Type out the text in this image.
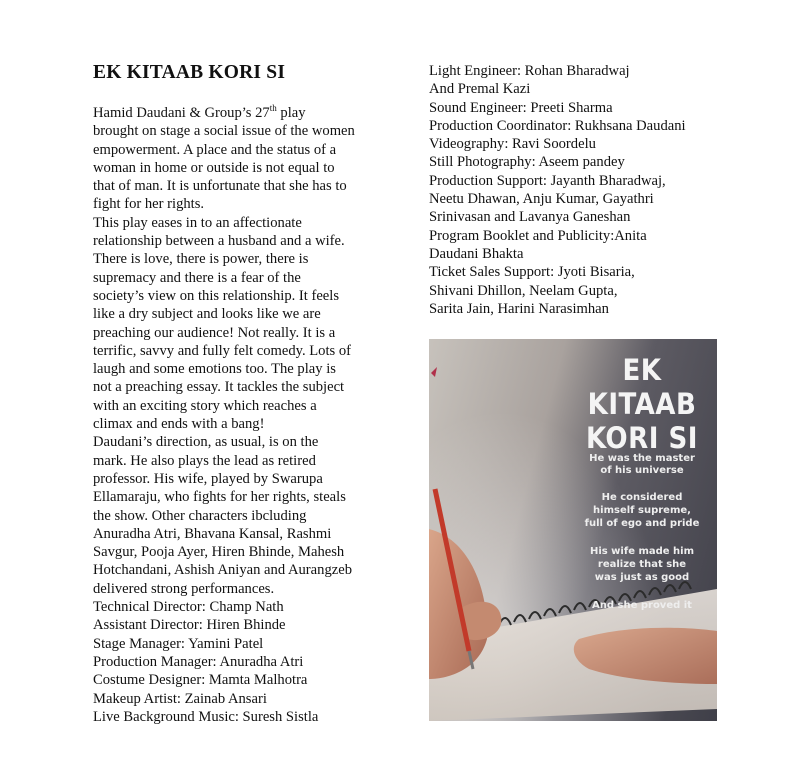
EK KITAAB KORI SI
Hamid Daudani & Group’s 27th play
brought on stage a social issue of the women
empowerment. A place and the status of a
woman in home or outside is not equal to
that of man. It is unfortunate that she has to
fight for her rights.
This play eases in to an affectionate
relationship between a husband and a wife.
There is love, there is power, there is
supremacy and there is a fear of the
society’s view on this relationship. It feels
like a dry subject and looks like we are
preaching our audience! Not really. It is a
terrific, savvy and fully felt comedy. Lots of
laugh and some emotions too. The play is
not a preaching essay. It tackles the subject
with an exciting story which reaches a
climax and ends with a bang!
Daudani’s direction, as usual, is on the
mark. He also plays the lead as retired
professor. His wife, played by Swarupa
Ellamaraju, who fights for her rights, steals
the show. Other characters ibcluding
Anuradha Atri, Bhavana Kansal, Rashmi
Savgur, Pooja Ayer, Hiren Bhinde, Mahesh
Hotchandani, Ashish Aniyan and Aurangzeb
delivered strong performances.
Technical Director: Champ Nath
Assistant Director: Hiren Bhinde
Stage Manager: Yamini Patel
Production Manager: Anuradha Atri
Costume Designer: Mamta Malhotra
Makeup Artist: Zainab Ansari
Live Background Music: Suresh Sistla
Light Engineer: Rohan Bharadwaj
And Premal Kazi
Sound Engineer: Preeti Sharma
Production Coordinator: Rukhsana Daudani
Videography: Ravi Soordelu
Still Photography: Aseem pandey
Production Support: Jayanth Bharadwaj,
Neetu Dhawan, Anju Kumar, Gayathri
Srinivasan and Lavanya Ganeshan
Program Booklet and Publicity:Anita
Daudani Bhakta
Ticket Sales Support: Jyoti Bisaria,
Shivani Dhillon, Neelam Gupta,
Sarita Jain, Harini Narasimhan
EK KITAAB
KORI SI
He was the master
of his universe
He considered
himself supreme,
full of ego and pride
His wife made him
realize that she
was just as good
And she proved it
